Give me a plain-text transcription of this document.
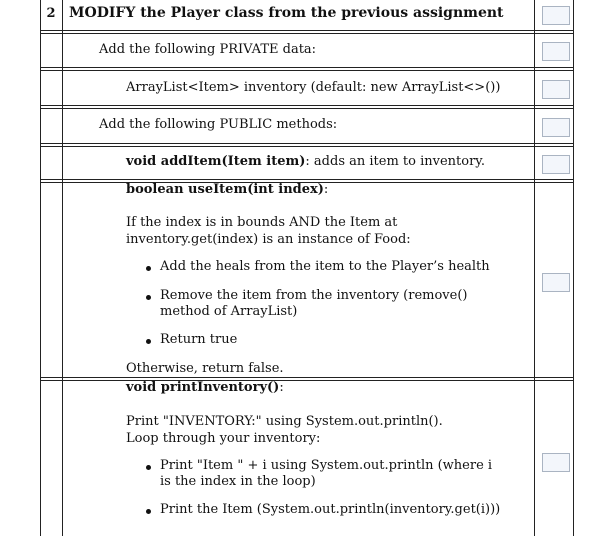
2 MODIFY the Player class from the previous assignment
Add the following PRIVATE data:
ArrayList<Item> inventory (default: new ArrayList<>())
Add the following PUBLIC methods:
void addItem(Item item): adds an item to inventory.
boolean useItem(int index):
If the index is in bounds AND the Item at
inventory.get(index) is an instance of Food:
Add the heals from the item to the Player’s health
Remove the item from the inventory (remove()
method of ArrayList)
Return true
Otherwise, return false.
void printInventory():
Print "INVENTORY:" using System.out.println().
Loop through your inventory:
Print "Item " + i using System.out.println (where i
is the index in the loop)
Print the Item (System.out.println(inventory.get(i)))
